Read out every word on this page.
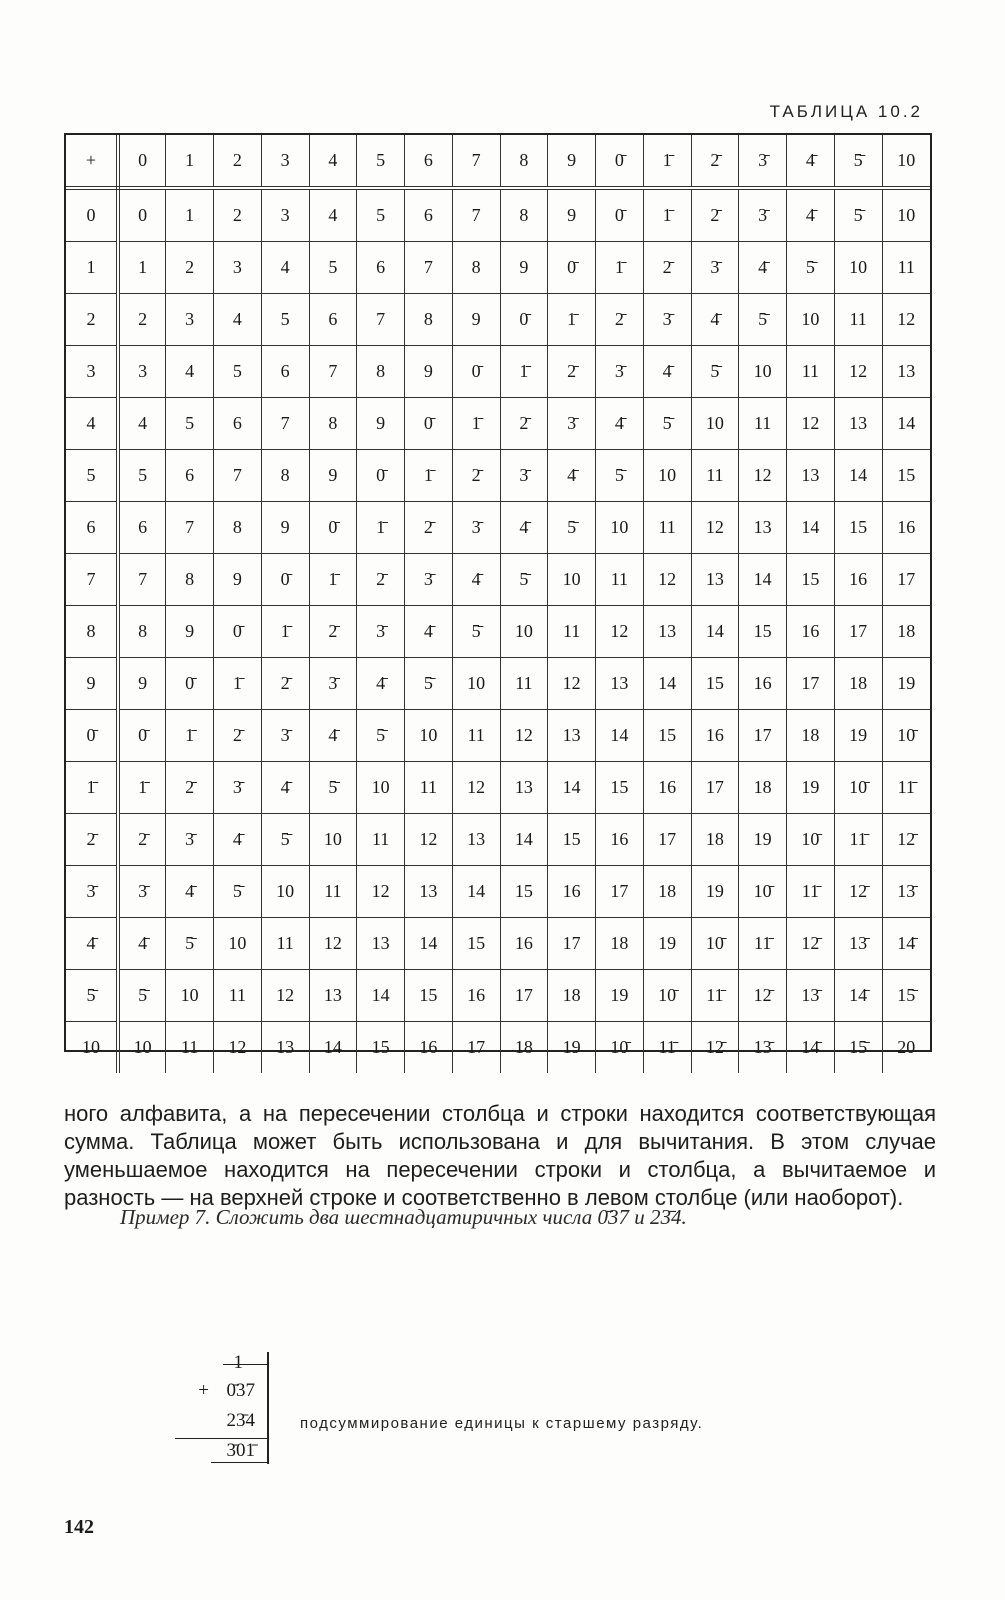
ТАБЛИЦА 10.2
+	0	1	2	3	4	5	6	7	8	9	0̄	1̄	2̄	3̄	4̄	5̄	10
0	0	1	2	3	4	5	6	7	8	9	0̄	1̄	2̄	3̄	4̄	5̄	10
1	1	2	3	4	5	6	7	8	9	0̄	1̄	2̄	3̄	4̄	5̄	10	11
2	2	3	4	5	6	7	8	9	0̄	1̄	2̄	3̄	4̄	5̄	10	11	12
3	3	4	5	6	7	8	9	0̄	1̄	2̄	3̄	4̄	5̄	10	11	12	13
4	4	5	6	7	8	9	0̄	1̄	2̄	3̄	4̄	5̄	10	11	12	13	14
5	5	6	7	8	9	0̄	1̄	2̄	3̄	4̄	5̄	10	11	12	13	14	15
6	6	7	8	9	0̄	1̄	2̄	3̄	4̄	5̄	10	11	12	13	14	15	16
7	7	8	9	0̄	1̄	2̄	3̄	4̄	5̄	10	11	12	13	14	15	16	17
8	8	9	0̄	1̄	2̄	3̄	4̄	5̄	10	11	12	13	14	15	16	17	18
9	9	0̄	1̄	2̄	3̄	4̄	5̄	10	11	12	13	14	15	16	17	18	19
0̄	0̄	1̄	2̄	3̄	4̄	5̄	10	11	12	13	14	15	16	17	18	19	10̄
1̄	1̄	2̄	3̄	4̄	5̄	10	11	12	13	14	15	16	17	18	19	10̄	11̄
2̄	2̄	3̄	4̄	5̄	10	11	12	13	14	15	16	17	18	19	10̄	11̄	12̄
3̄	3̄	4̄	5̄	10	11	12	13	14	15	16	17	18	19	10̄	11̄	12̄	13̄
4̄	4̄	5̄	10	11	12	13	14	15	16	17	18	19	10̄	11̄	12̄	13̄	14̄
5̄	5̄	10	11	12	13	14	15	16	17	18	19	10̄	11̄	12̄	13̄	14̄	15̄
10	10	11	12	13	14	15	16	17	18	19	10̄	11̄	12̄	13̄	14̄	15̄	20

ного алфавита, а на пересечении столбца и строки находится соответствующая сумма. Таблица может быть использована и для вычитания. В этом случае уменьшаемое находится на пересечении строки и столбца, а вычитаемое и разность — на верхней строке и соответственно в левом столбце (или наоборот).

Пример 7. Сложить два шестнадцатиричных числа 0̄37 и 23̄4.
1
+ 0̄37
23̄4
3̄01̄
подсуммирование единицы к старшему разряду.
142
